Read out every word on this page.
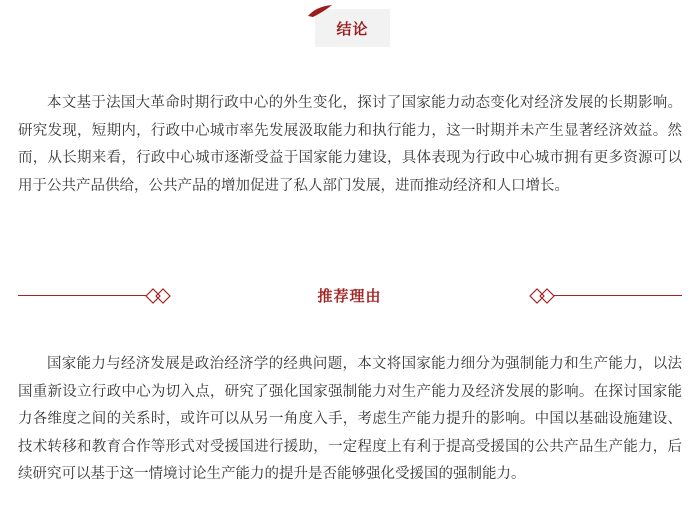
结论

本文基于法国大革命时期行政中心的外生变化，探讨了国家能力动态变化对经济发展的长期影响。研究发现，短期内，行政中心城市率先发展汲取能力和执行能力，这一时期并未产生显著经济效益。然而，从长期来看，行政中心城市逐渐受益于国家能力建设，具体表现为行政中心城市拥有更多资源可以用于公共产品供给，公共产品的增加促进了私人部门发展，进而推动经济和人口增长。

推荐理由

国家能力与经济发展是政治经济学的经典问题，本文将国家能力细分为强制能力和生产能力，以法国重新设立行政中心为切入点，研究了强化国家强制能力对生产能力及经济发展的影响。在探讨国家能力各维度之间的关系时，或许可以从另一角度入手，考虑生产能力提升的影响。中国以基础设施建设、技术转移和教育合作等形式对受援国进行援助，一定程度上有利于提高受援国的公共产品生产能力，后续研究可以基于这一情境讨论生产能力的提升是否能够强化受援国的强制能力。
